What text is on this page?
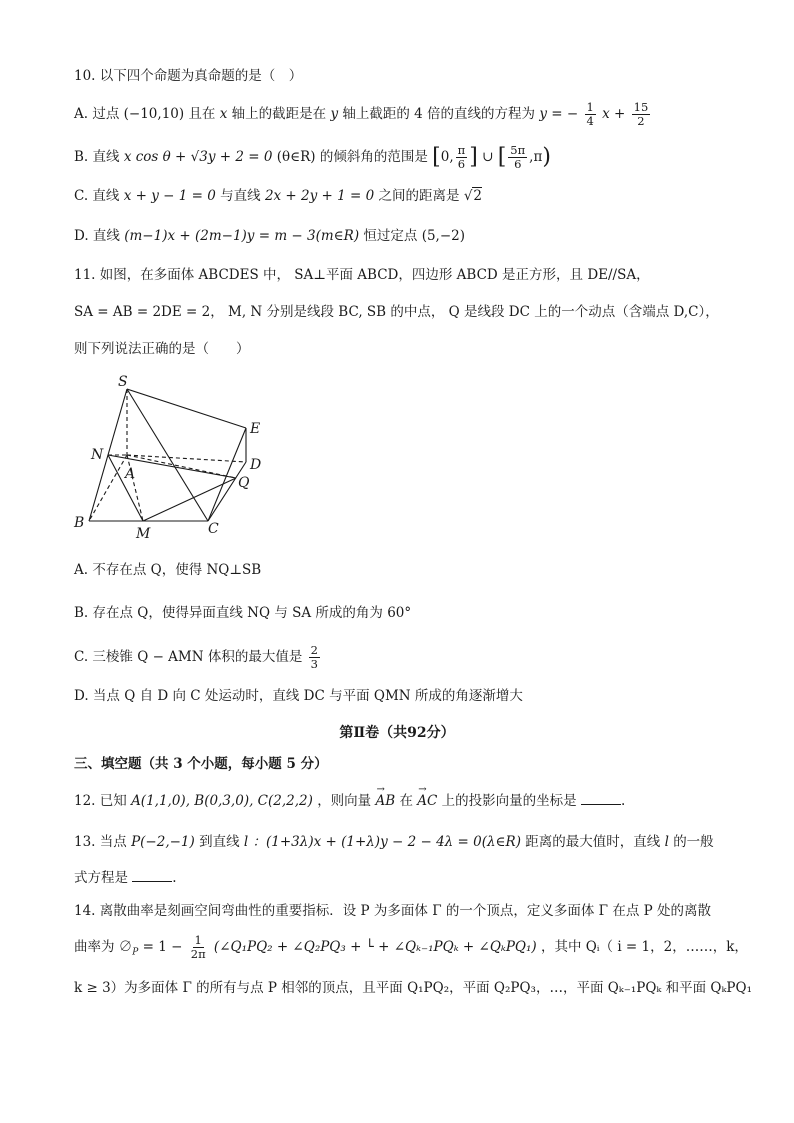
10. 以下四个命题为真命题的是（　）
A. 过点 (−10,10) 且在 x 轴上的截距是在 y 轴上截距的 4 倍的直线的方程为 y = − $\frac{1}{4}$ $x + \frac{15}{2}$
B. 直线 x cos θ + √3y + 2 = 0 (θ∈R) 的倾斜角的范围是 [0, $\frac{\pi}{6}$ ] ∪ [ $\frac{5\pi}{6} ,\pi$)
C. 直线 x + y − 1 = 0 与直线 2x + 2y + 1 = 0 之间的距离是 √2
D. 直线 (m−1)x + (2m−1)y = m − 3(m∈R) 恒过定点 (5,−2)
11. 如图，在多面体 ABCDES 中， SA⊥平面 ABCD，四边形 ABCD 是正方形，且 DE//SA，
SA = AB = 2DE = 2， M, N 分别是线段 BC, SB 的中点， Q 是线段 DC 上的一个动点（含端点 D,C），
则下列说法正确的是（　　）
S
E
N
D
A
Q
B
M	C
A. 不存在点 Q，使得 NQ⊥SB
B. 存在点 Q，使得异面直线 NQ 与 SA 所成的角为 60°
C. 三棱锥 Q − AMN 体积的最大值是 $\frac{2}{3}$
D. 当点 Q 自 D 向 C 处运动时，直线 DC 与平面 QMN 所成的角逐渐增大
第Ⅱ卷（共92分）
三、填空题（共 3 个小题，每小题 5 分）
12. 已知 A(1,1,0), B(0,3,0), C(2,2,2) ，则向量 → AB 在 → AC 上的投影向量的坐标是	.
13. 当点 P(−2,−1) 到直线 l ：(1+3λ)x + (1+λ)y − 2 − 4λ = 0(λ∈R) 距离的最大值时，直线 l 的一般
式方程是	.
14. 离散曲率是刻画空间弯曲性的重要指标．设 P 为多面体 Γ 的一个顶点，定义多面体 Γ 在点 P 处的离散
曲率为 $\emptyset_P = 1 - \frac{1}{2\pi}$ (∠Q₁PQ₂ + ∠Q₂PQ₃ + └ + ∠Qₖ₋₁PQₖ + ∠QₖPQ₁) ，其中 Qᵢ（ i = 1，2，……，k，
k ≥ 3）为多面体 Γ 的所有与点 P 相邻的顶点，且平面 Q₁PQ₂，平面 Q₂PQ₃，…，平面 Qₖ₋₁PQₖ 和平面 QₖPQ₁
